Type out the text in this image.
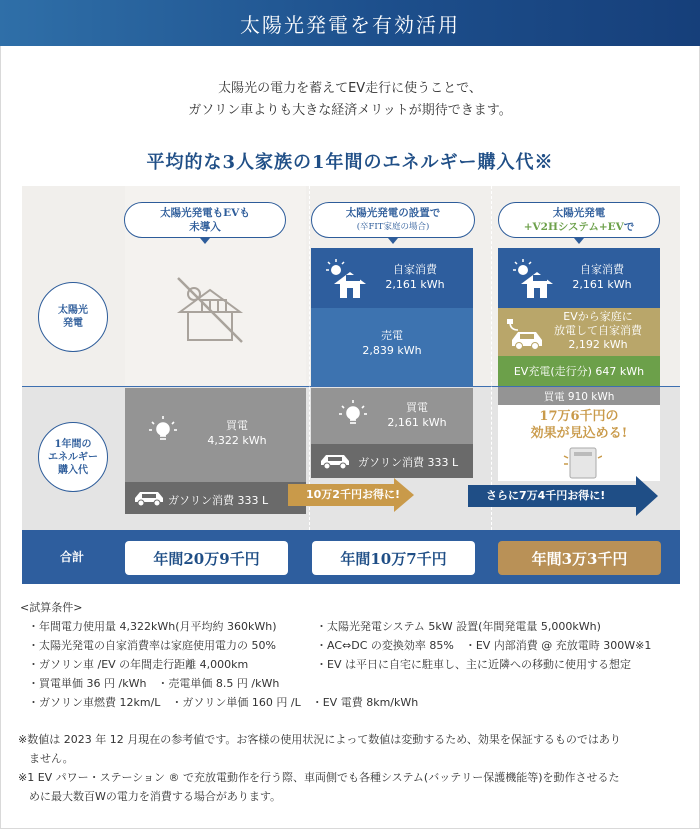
太陽光発電を有効活用
太陽光の電力を蓄えてEV走行に使うことで、
ガソリン車よりも大きな経済メリットが期待できます。
平均的な3人家族の1年間のエネルギー購入代※
太陽光
発電
1年間の
エネルギー
購入代
合計
太陽光発電もEVも
未導入
買電
4,322 kWh
ガソリン消費 333 L
太陽光発電の設置で
(卒FIT家庭の場合)
自家消費
2,161 kWh
売電
2,839 kWh
買電
2,161 kWh
ガソリン消費 333 L
10万2千円お得に!
太陽光発電
+V2Hシステム+EVで
自家消費
2,161 kWh
EVから家庭に
放電して自家消費
2,192 kWh
EV充電(走行分) 647 kWh
買電 910 kWh
17万6千円の
効果が見込める!
さらに7万4千円お得に!
年間20万9千円	年間10万7千円	年間3万3千円
<試算条件>
・年間電力使用量 4,322kWh(月平均約 360kWh)	・太陽光発電システム 5kW 設置(年間発電量 5,000kWh)
・太陽光発電の自家消費率は家庭使用電力の 50%	・AC⇔DC の変換効率 85%　・EV 内部消費 @ 充放電時 300W※1
・ガソリン車 /EV の年間走行距離 4,000km	・EV は平日に自宅に駐車し、主に近隣への移動に使用する想定
・買電単価 36 円 /kWh　・売電単価 8.5 円 /kWh
・ガソリン車燃費 12km/L　・ガソリン単価 160 円 /L　・EV 電費 8km/kWh
※数値は 2023 年 12 月現在の参考値です。お客様の使用状況によって数値は変動するため、効果を保証するものではあり
　ません。
※1 EV パワー・ステーション ® で充放電動作を行う際、車両側でも各種システム(バッテリー保護機能等)を動作させるた
　めに最大数百Wの電力を消費する場合があります。
